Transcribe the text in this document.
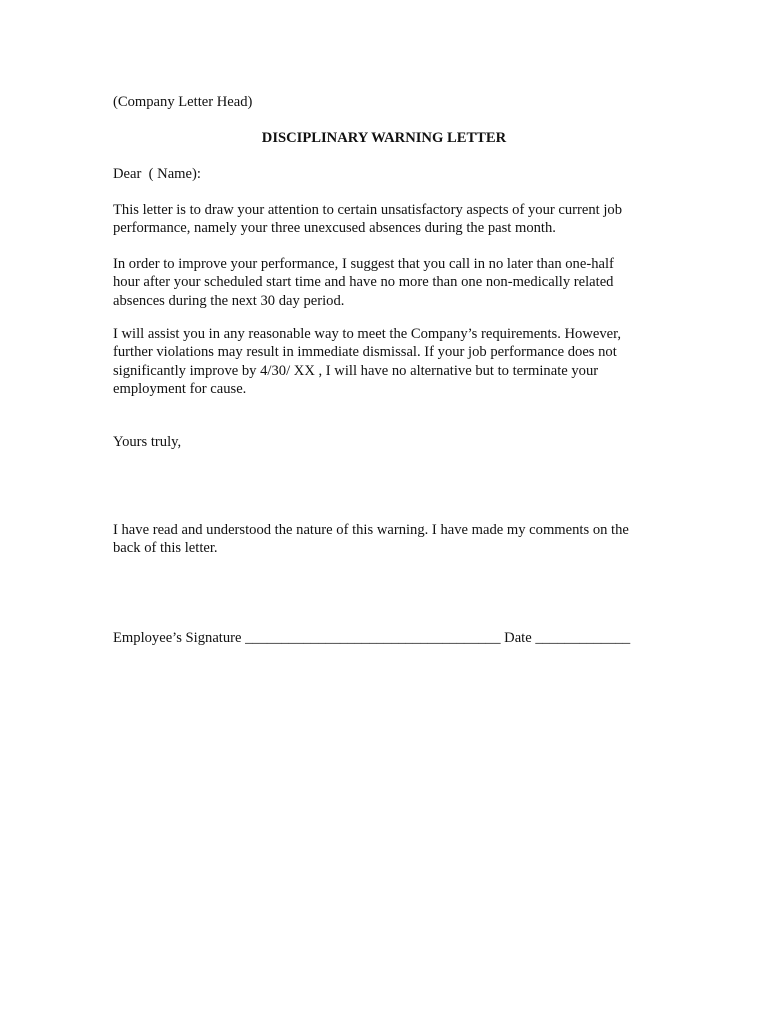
(Company Letter Head)
DISCIPLINARY WARNING LETTER
Dear  ( Name):
This letter is to draw your attention to certain unsatisfactory aspects of your current job
performance, namely your three unexcused absences during the past month.
In order to improve your performance, I suggest that you call in no later than one-half
hour after your scheduled start time and have no more than one non-medically related
absences during the next 30 day period.
I will assist you in any reasonable way to meet the Company’s requirements. However,
further violations may result in immediate dismissal. If your job performance does not
significantly improve by 4/30/ XX , I will have no alternative but to terminate your
employment for cause.
Yours truly,
I have read and understood the nature of this warning. I have made my comments on the
back of this letter.
Employee’s Signature ___________________________________ Date _____________
